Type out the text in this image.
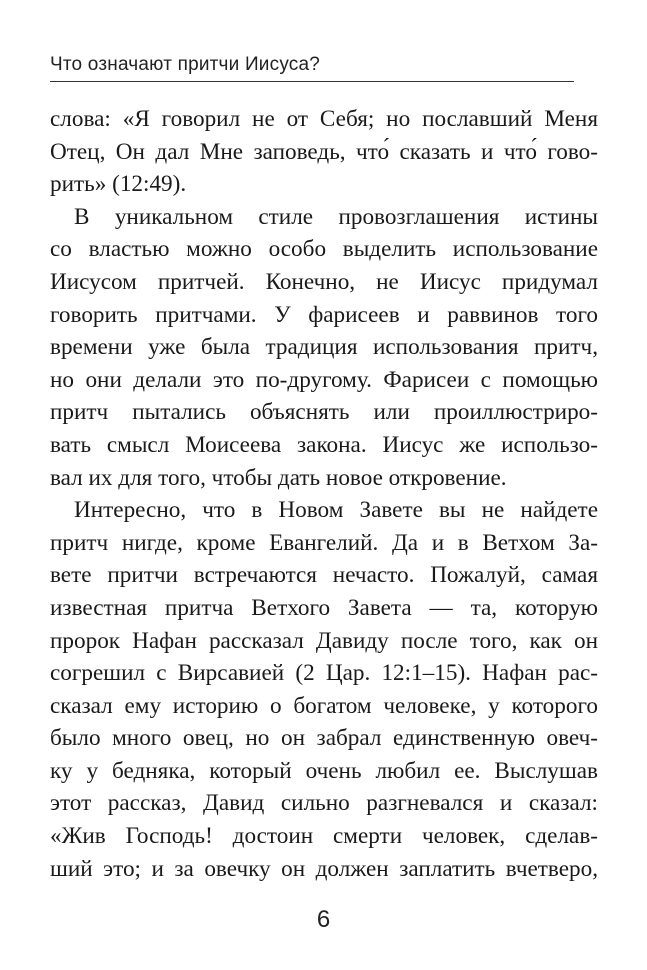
Что означают притчи Иисуса?
слова: «Я говорил не от Себя; но пославший Меня
Отец, Он дал Мне заповедь, что́ сказать и что́ гово-
рить» (12:49).
В уникальном стиле провозглашения истины
со властью можно особо выделить использование
Иисусом притчей. Конечно, не Иисус придумал
говорить притчами. У фарисеев и раввинов того
времени уже была традиция использования притч,
но они делали это по-другому. Фарисеи с помощью
притч пытались объяснять или проиллюстриро-
вать смысл Моисеева закона. Иисус же использо-
вал их для того, чтобы дать новое откровение.
Интересно, что в Новом Завете вы не найдете
притч нигде, кроме Евангелий. Да и в Ветхом За-
вете притчи встречаются нечасто. Пожалуй, самая
известная притча Ветхого Завета — та, которую
пророк Нафан рассказал Давиду после того, как он
согрешил с Вирсавией (2 Цар. 12:1–15). Нафан рас-
сказал ему историю о богатом человеке, у которого
было много овец, но он забрал единственную овеч-
ку у бедняка, который очень любил ее. Выслушав
этот рассказ, Давид сильно разгневался и сказал:
«Жив Господь! достоин смерти человек, сделав-
ший это; и за овечку он должен заплатить вчетверо,
6
